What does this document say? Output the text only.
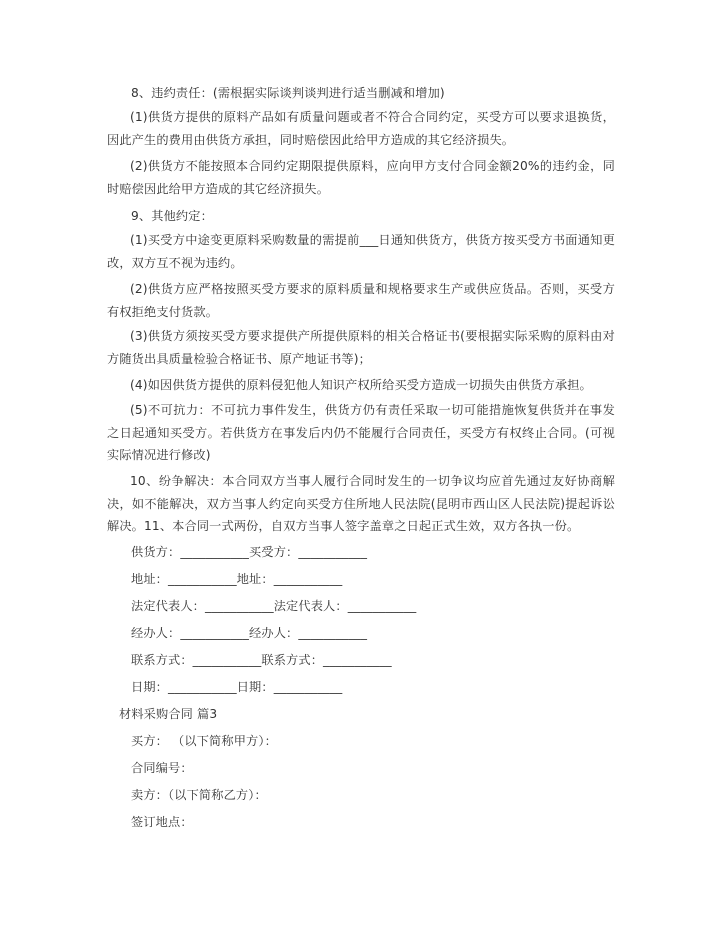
8、违约责任：(需根据实际谈判谈判进行适当删减和增加)
(1)供货方提供的原料产品如有质量问题或者不符合合同约定，买受方可以要求退换货，因此产生的费用由供货方承担，同时赔偿因此给甲方造成的其它经济损失。
(2)供货方不能按照本合同约定期限提供原料，应向甲方支付合同金额20%的违约金，同时赔偿因此给甲方造成的其它经济损失。
9、其他约定：
(1)买受方中途变更原料采购数量的需提前___日通知供货方，供货方按买受方书面通知更改，双方互不视为违约。
(2)供货方应严格按照买受方要求的原料质量和规格要求生产或供应货品。否则，买受方有权拒绝支付货款。
(3)供货方须按买受方要求提供产所提供原料的相关合格证书(要根据实际采购的原料由对方随货出具质量检验合格证书、原产地证书等)；
(4)如因供货方提供的原料侵犯他人知识产权所给买受方造成一切损失由供货方承担。
(5)不可抗力：不可抗力事件发生，供货方仍有责任采取一切可能措施恢复供货并在事发之日起通知买受方。若供货方在事发后内仍不能履行合同责任，买受方有权终止合同。(可视实际情况进行修改)
10、纷争解决：本合同双方当事人履行合同时发生的一切争议均应首先通过友好协商解决，如不能解决，双方当事人约定向买受方住所地人民法院(昆明市西山区人民法院)提起诉讼解决。11、本合同一式两份，自双方当事人签字盖章之日起正式生效，双方各执一份。
供货方：___________买受方：___________
地址：___________地址：___________
法定代表人：___________法定代表人：___________
经办人：___________经办人：___________
联系方式：___________联系方式：___________
日期：___________日期：___________
材料采购合同 篇3
买方： （以下简称甲方）：
合同编号：
卖方：（以下简称乙方）：
签订地点：
